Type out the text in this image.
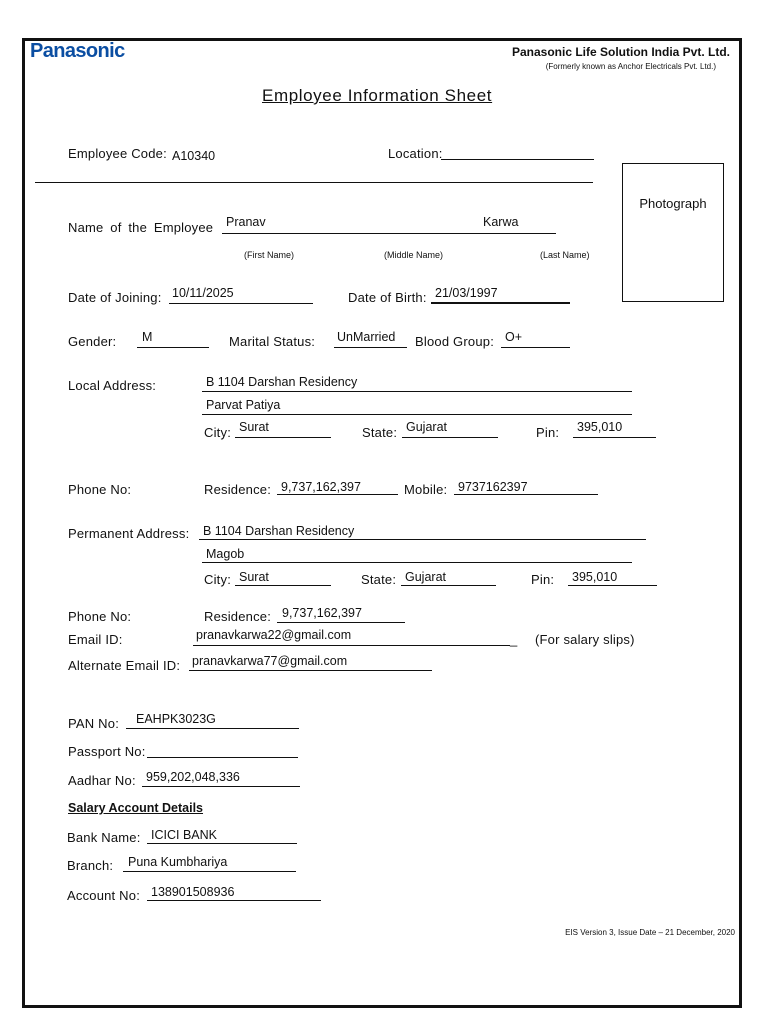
Panasonic	Panasonic Life Solution India Pvt. Ltd.
(Formerly known as Anchor Electricals Pvt. Ltd.)
Employee Information Sheet
Employee Code: A10340	Location:
Photograph
Name of the Employee Pranav	Karwa
(First Name)	(Middle Name)	(Last Name)
Date of Joining: 10/11/2025	Date of Birth: 21/03/1997
Gender: M	Marital Status: UnMarried Blood Group: O+
Local Address:	B 1104 Darshan Residency
Parvat Patiya
City: Surat	State: Gujarat	Pin: 395,010
Phone No:	Residence: 9,737,162,397	Mobile: 9737162397
Permanent Address: B 1104 Darshan Residency
Magob
City: Surat	State: Gujarat	Pin: 395,010
Phone No:	Residence: 9,737,162,397
Email ID:	pranavkarwa22@gmail.com	_ (For salary slips)
Alternate Email ID: pranavkarwa77@gmail.com
PAN No: EAHPK3023G
Passport No:
Aadhar No: 959,202,048,336
Salary Account Details
Bank Name: ICICI BANK
Branch: Puna Kumbhariya
Account No: 138901508936
EIS Version 3, Issue Date – 21 December, 2020
